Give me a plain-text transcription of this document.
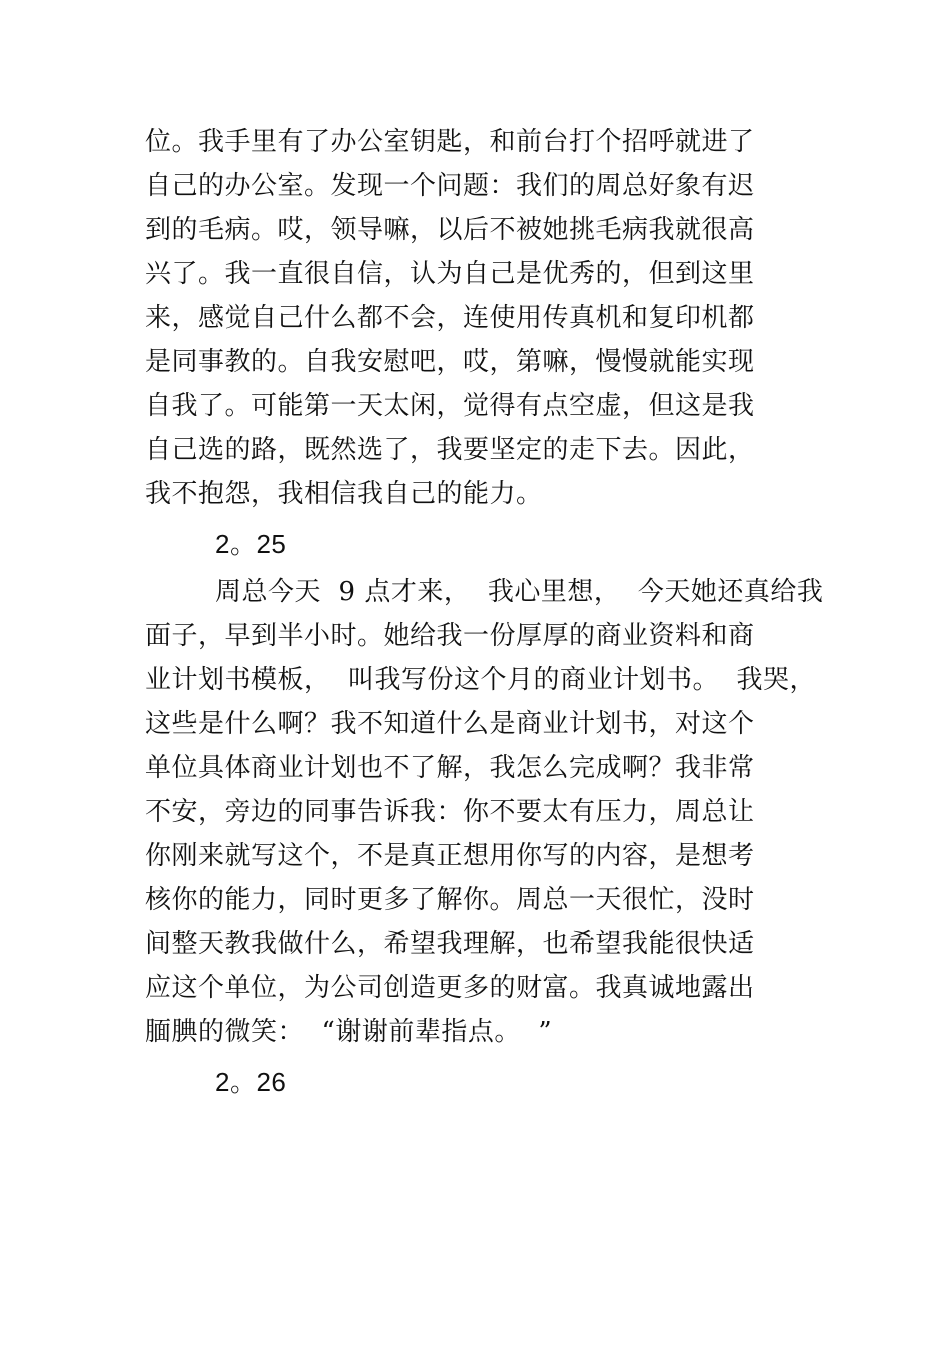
位。我手里有了办公室钥匙，和前台打个招呼就进了
自己的办公室。发现一个问题：我们的周总好象有迟
到的毛病。哎，领导嘛，以后不被她挑毛病我就很高
兴了。我一直很自信，认为自己是优秀的，但到这里
来，感觉自己什么都不会，连使用传真机和复印机都
是同事教的。自我安慰吧，哎，第嘛，慢慢就能实现
自我了。可能第一天太闲，觉得有点空虚，但这是我
自己选的路，既然选了，我要坚定的走下去。因此，
我不抱怨，我相信我自己的能力。
2。25
周总今天  9 点才来，  我心里想，  今天她还真给我
面子，早到半小时。她给我一份厚厚的商业资料和商
业计划书模板，  叫我写份这个月的商业计划书。  我哭，
这些是什么啊？我不知道什么是商业计划书，对这个
单位具体商业计划也不了解，我怎么完成啊？我非常
不安，旁边的同事告诉我：你不要太有压力，周总让
你刚来就写这个，不是真正想用你写的内容，是想考
核你的能力，同时更多了解你。周总一天很忙，没时
间整天教我做什么，希望我理解，也希望我能很快适
应这个单位，为公司创造更多的财富。我真诚地露出
腼腆的微笑：  “谢谢前辈指点。  ”
2。26
